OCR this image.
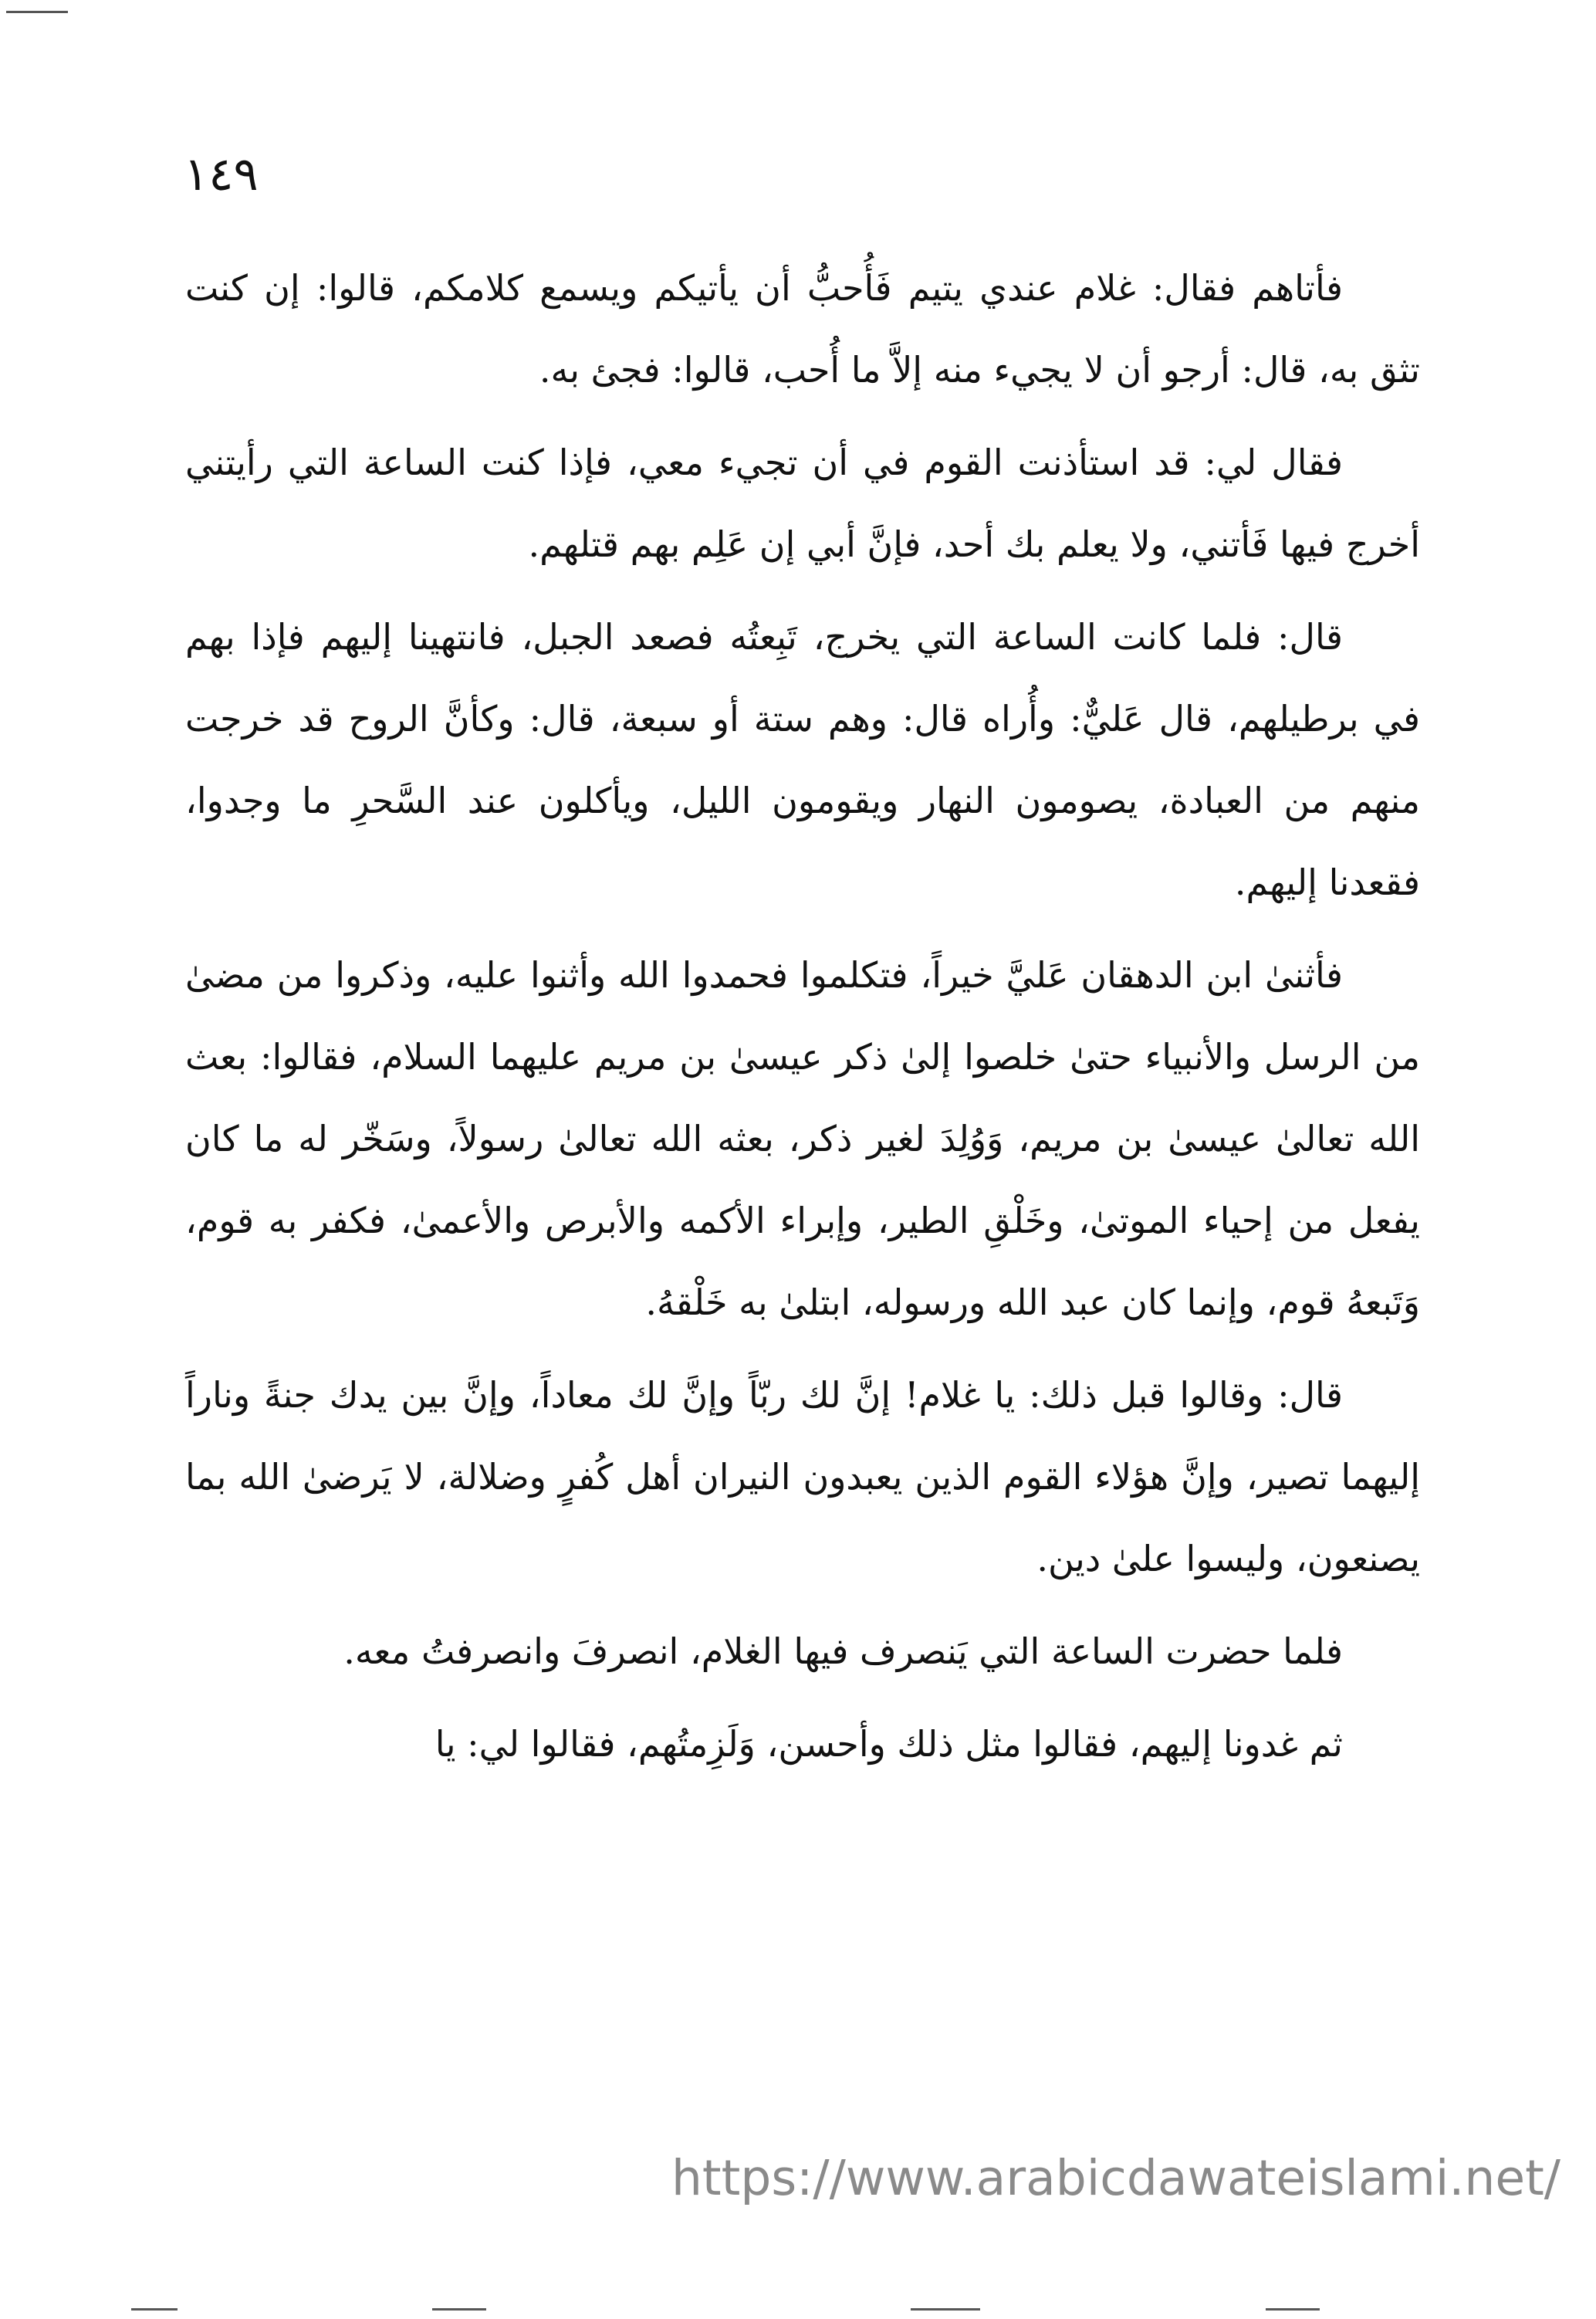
١٤٩

فأتاهم فقال: غلام عندي يتيم فَأُحبُّ أن يأتيكم ويسمع كلامكم، قالوا: إن كنت تثق به، قال: أرجو أن لا يجيء منه إلاَّ ما أُحب، قالوا: فجئ به.

فقال لي: قد استأذنت القوم في أن تجيء معي، فإذا كنت الساعة التي رأيتني أخرج فيها فَأتني، ولا يعلم بك أحد، فإنَّ أبي إن عَلِم بهم قتلهم.

قال: فلما كانت الساعة التي يخرج، تَبِعتُه فصعد الجبل، فانتهينا إليهم فإذا بهم في برطيلهم، قال عَليٌّ: وأُراه قال: وهم ستة أو سبعة، قال: وكأنَّ الروح قد خرجت منهم من العبادة، يصومون النهار ويقومون الليل، ويأكلون عند السَّحرِ ما وجدوا، فقعدنا إليهم.

فأثنىٰ ابن الدهقان عَليَّ خيراً، فتكلموا فحمدوا الله وأثنوا عليه، وذكروا من مضىٰ من الرسل والأنبياء حتىٰ خلصوا إلىٰ ذكر عيسىٰ بن مريم عليهما السلام، فقالوا: بعث الله تعالىٰ عيسىٰ بن مريم، وَوُلِدَ لغير ذكر، بعثه الله تعالىٰ رسولاً، وسَخّر له ما كان يفعل من إحياء الموتىٰ، وخَلْقِ الطير، وإبراء الأكمه والأبرص والأعمىٰ، فكفر به قوم، وَتَبعهُ قوم، وإنما كان عبد الله ورسوله، ابتلىٰ به خَلْقهُ.

قال: وقالوا قبل ذلك: يا غلام! إنَّ لك ربّاً وإنَّ لك معاداً، وإنَّ بين يدك جنةً وناراً إليهما تصير، وإنَّ هؤلاء القوم الذين يعبدون النيران أهل كُفرٍ وضلالة، لا يَرضىٰ الله بما يصنعون، وليسوا علىٰ دين.

فلما حضرت الساعة التي يَنصرف فيها الغلام، انصرفَ وانصرفتُ معه.

ثم غدونا إليهم، فقالوا مثل ذلك وأحسن، وَلَزِمتُهم، فقالوا لي: يا

https://www.arabicdawateislami.net/
